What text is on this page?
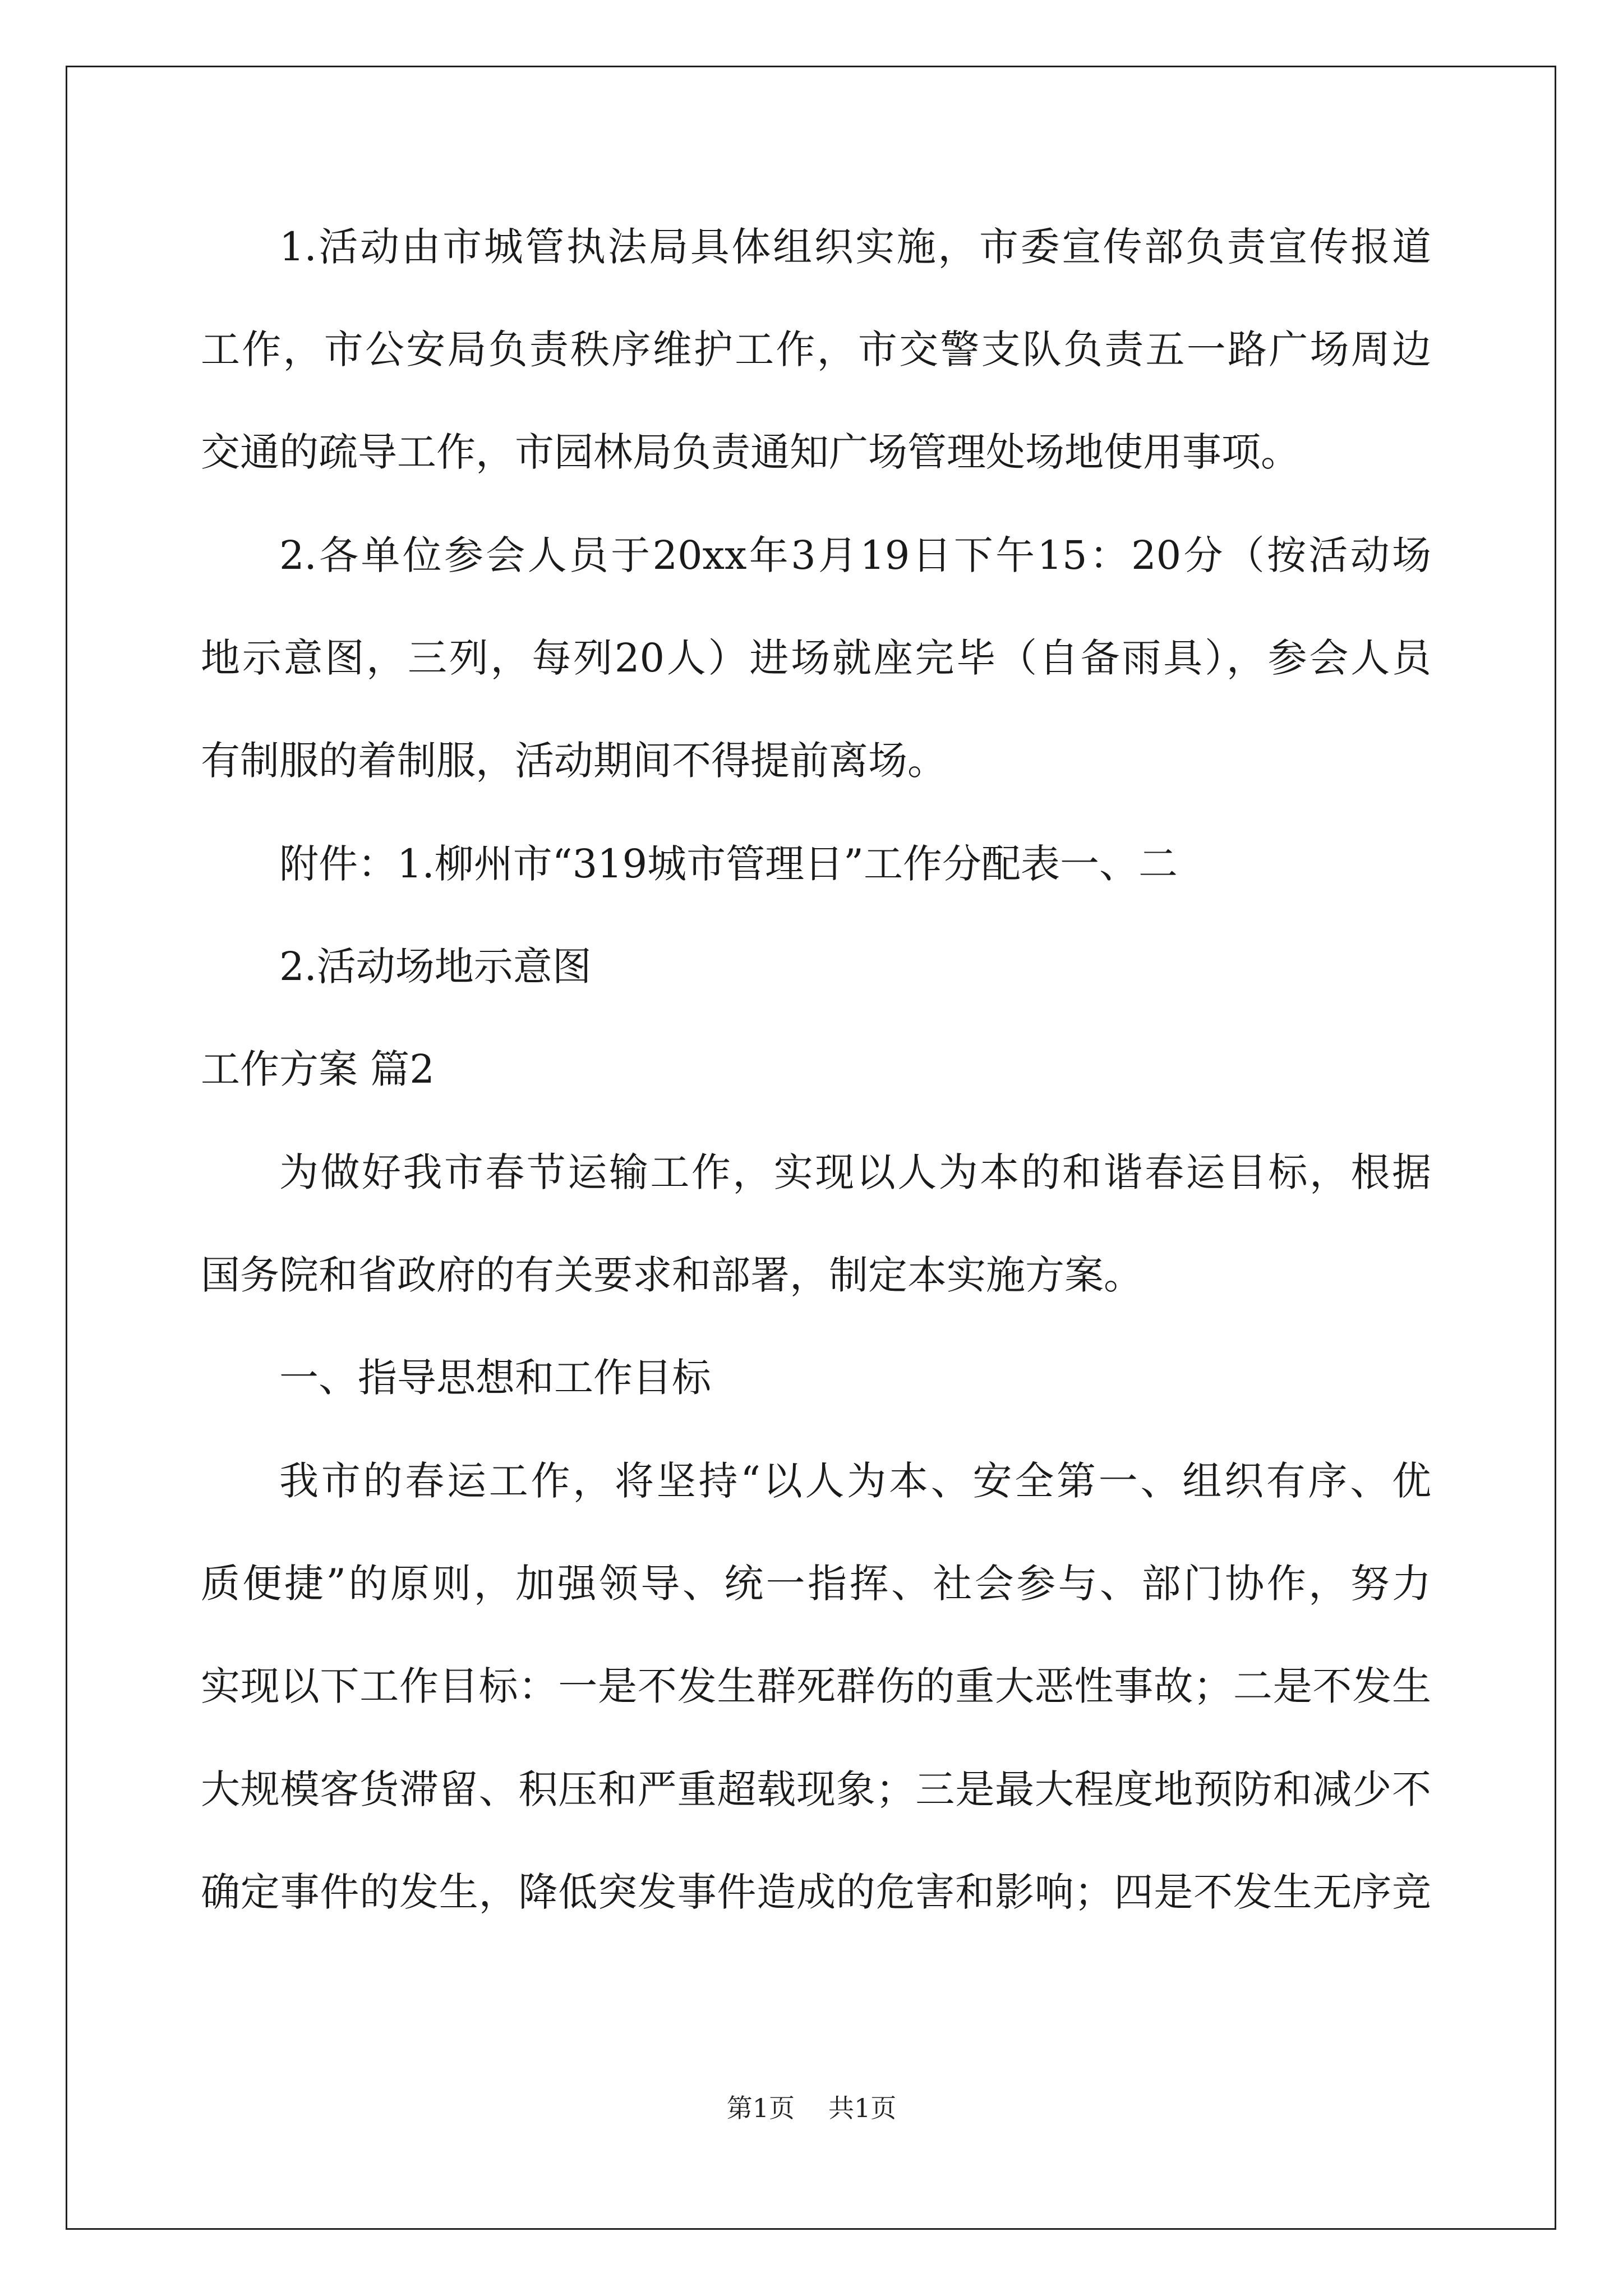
1.活动由市城管执法局具体组织实施，市委宣传部负责宣传报道
工作，市公安局负责秩序维护工作，市交警支队负责五一路广场周边
交通的疏导工作，市园林局负责通知广场管理处场地使用事项。
2.各单位参会人员于20xx年3月19日下午15：20分（按活动场
地示意图，三列，每列20人）进场就座完毕（自备雨具），参会人员
有制服的着制服，活动期间不得提前离场。
附件：1.柳州市“319城市管理日”工作分配表一、二
2.活动场地示意图
工作方案 篇2
为做好我市春节运输工作，实现以人为本的和谐春运目标，根据
国务院和省政府的有关要求和部署，制定本实施方案。
一、指导思想和工作目标
我市的春运工作，将坚持“以人为本、安全第一、组织有序、优
质便捷”的原则，加强领导、统一指挥、社会参与、部门协作，努力
实现以下工作目标：一是不发生群死群伤的重大恶性事故；二是不发生
大规模客货滞留、积压和严重超载现象；三是最大程度地预防和减少不
确定事件的发生，降低突发事件造成的危害和影响；四是不发生无序竞
第1页 共1页
